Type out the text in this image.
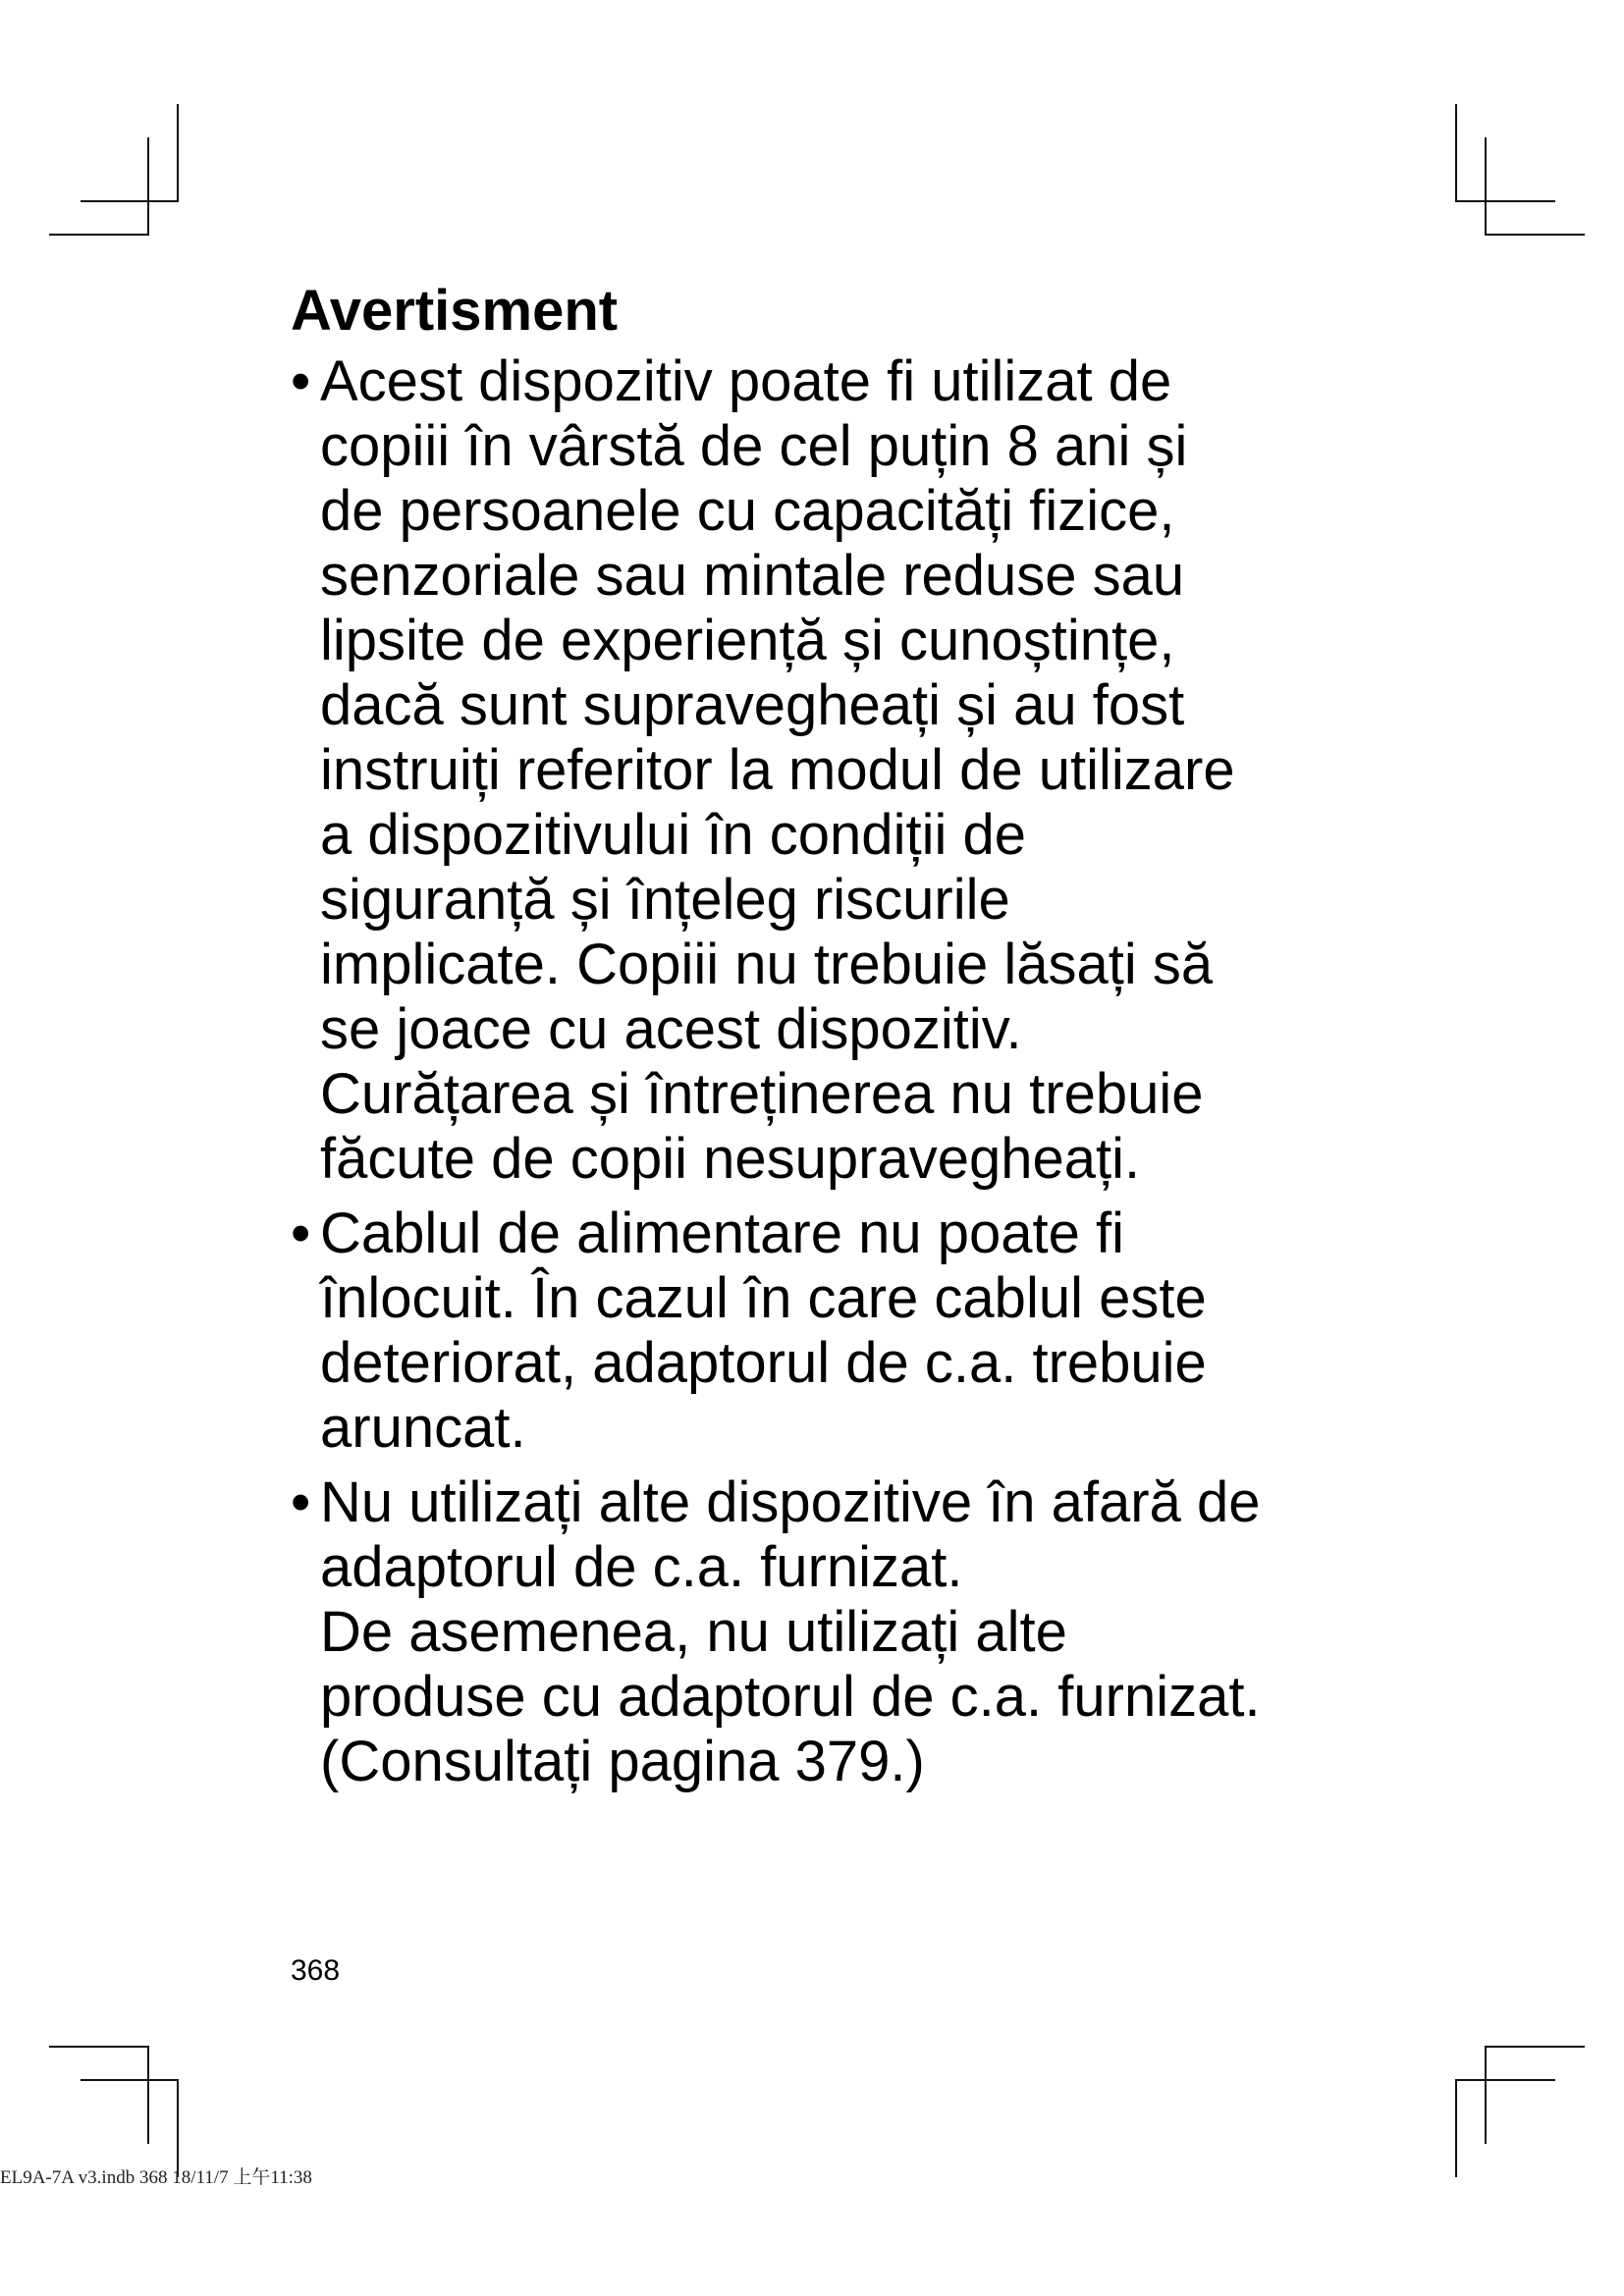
Avertisment
• Acest dispozitiv poate fi utilizat de
copiii în vârstă de cel puțin 8 ani și
de persoanele cu capacități fizice,
senzoriale sau mintale reduse sau
lipsite de experiență și cunoștințe,
dacă sunt supravegheați și au fost
instruiți referitor la modul de utilizare
a dispozitivului în condiții de
siguranță și înțeleg riscurile
implicate. Copiii nu trebuie lăsați să
se joace cu acest dispozitiv.
Curățarea și întreținerea nu trebuie
făcute de copii nesupravegheați.
• Cablul de alimentare nu poate fi
înlocuit. În cazul în care cablul este
deteriorat, adaptorul de c.a. trebuie
aruncat.
• Nu utilizați alte dispozitive în afară de
adaptorul de c.a. furnizat.
De asemenea, nu utilizați alte
produse cu adaptorul de c.a. furnizat.
(Consultați pagina 379.)
368
EL9A-7A v3.indb 368 18/11/7 上午11:38
